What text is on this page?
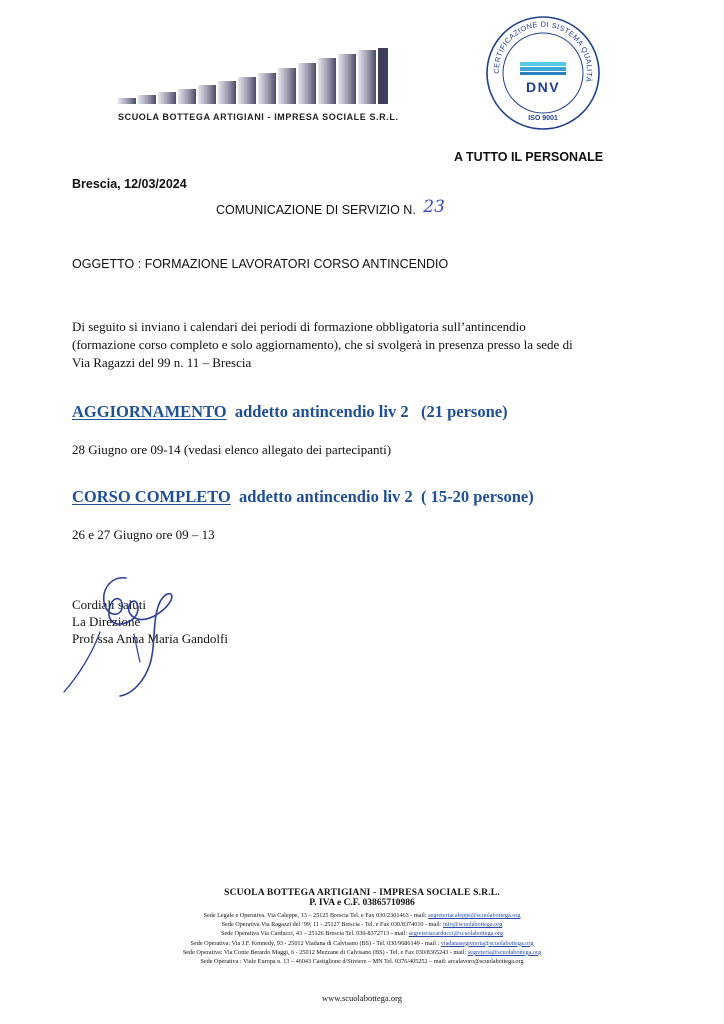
SCUOLA BOTTEGA ARTIGIANI - IMPRESA SOCIALE S.R.L.
CERTIFICAZIONE DI SISTEMA QUALITÀ
DNV
ISO 9001
A TUTTO IL PERSONALE
Brescia, 12/03/2024
COMUNICAZIONE DI SERVIZIO N. 23
OGGETTO : FORMAZIONE LAVORATORI CORSO ANTINCENDIO
Di seguito si inviano i calendari dei periodi di formazione obbligatoria sull’antincendio
(formazione corso completo e solo aggiornamento), che si svolgerà in presenza presso la sede di
Via Ragazzi del 99 n. 11 – Brescia
AGGIORNAMENTO  addetto antincendio liv 2   (21 persone)
28 Giugno ore 09-14 (vedasi elenco allegato dei partecipanti)
CORSO COMPLETO  addetto antincendio liv 2  ( 15-20 persone)
26 e 27 Giugno ore 09 – 13
Cordiali saluti
La Direzione
Prof.ssa Anna Maria Gandolfi
SCUOLA BOTTEGA ARTIGIANI - IMPRESA SOCIALE S.R.L.
P. IVA e C.F. 03865710986
Sede Legale e Operativa. Via Caleppe, 13 – 25125 Brescia Tel. e Fax 030/2301463 - mail: segreteriacaleppe@scuolabottega.org
Sede Operativa Via Ragazzi del ’99, 11 - 25127 Brescia - Tel. e Fax 030/8374010 - mail: info@scuolabottega.org
Sede Operativa Via Carducci, 43 – 25126 Brescia Tel. 030-8372713 - mail: segreteriacarducci@scuolabottega.org
Sede Operativa: Via J.F. Kennedy, 93 - 25012 Viadana di Calvisano (BS) - Tel. 030/9686149 - mail : viadanasegreteria@scuolabottega.org
Sede Operativa: Via Conte Berardo Maggi, 6 - 25012 Mezzane di Calvisano (BS) - Tel. e Fax 030/8365243 - mail: segreteria@scuolabottega.org
Sede Operativa : Viale Europa n. 13 – 46043 Castiglione d/Stiviere – MN Tel. 0376/405252 – mail: arcalavoro@scuolabottega.org
www.scuolabottega.org
